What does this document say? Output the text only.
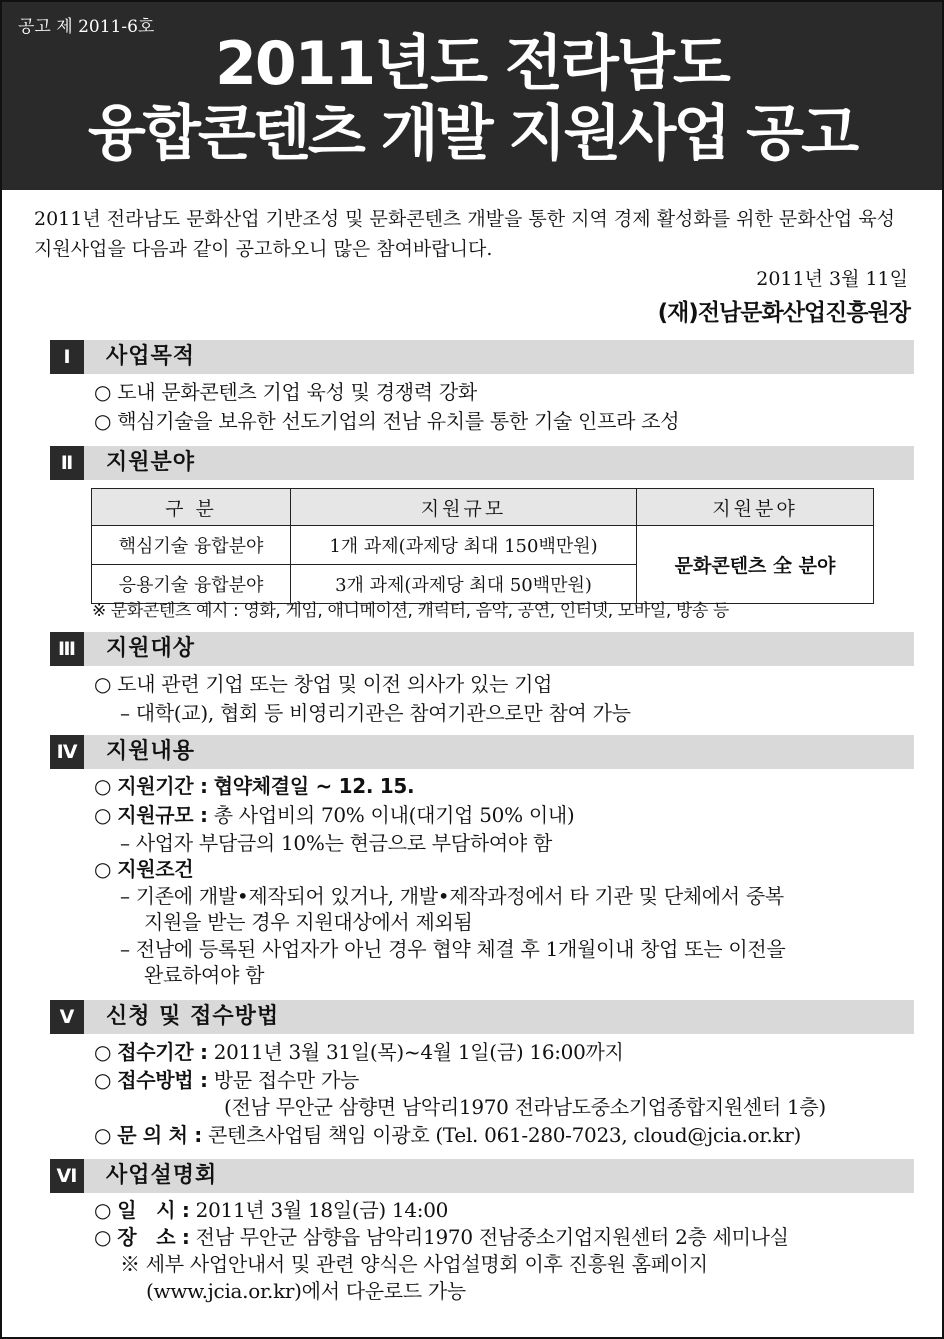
공고 제 2011-6호
2011년도 전라남도
융합콘텐츠 개발 지원사업 공고
2011년 전라남도 문화산업 기반조성 및 문화콘텐츠 개발을 통한 지역 경제 활성화를 위한 문화산업 육성 지원사업을 다음과 같이 공고하오니 많은 참여바랍니다.
2011년 3월 11일
(재)전남문화산업진흥원장
Ⅰ	사업목적
○ 도내 문화콘텐츠 기업 육성 및 경쟁력 강화
○ 핵심기술을 보유한 선도기업의 전남 유치를 통한 기술 인프라 조성
Ⅱ	지원분야
구 분	지원규모	지원분야
핵심기술 융합분야	1개 과제(과제당 최대 150백만원)	문화콘텐츠 全 분야
응용기술 융합분야	3개 과제(과제당 최대 50백만원)	
※ 문화콘텐츠 예시 : 영화, 게임, 애니메이션, 캐릭터, 음악, 공연, 인터넷, 모바일, 방송 등
Ⅲ	지원대상
○ 도내 관련 기업 또는 창업 및 이전 의사가 있는 기업
– 대학(교), 협회 등 비영리기관은 참여기관으로만 참여 가능
Ⅳ 지원내용
○ 지원기간 : 협약체결일 ~ 12. 15.
○ 지원규모 : 총 사업비의 70% 이내(대기업 50% 이내)
– 사업자 부담금의 10%는 현금으로 부담하여야 함
○ 지원조건
– 기존에 개발•제작되어 있거나, 개발•제작과정에서 타 기관 및 단체에서 중복
지원을 받는 경우 지원대상에서 제외됨
– 전남에 등록된 사업자가 아닌 경우 협약 체결 후 1개월이내 창업 또는 이전을
완료하여야 함
Ⅴ	신청 및 접수방법
○ 접수기간 : 2011년 3월 31일(목)~4월 1일(금) 16:00까지
○ 접수방법 : 방문 접수만 가능
(전남 무안군 삼향면 남악리1970 전라남도중소기업종합지원센터 1층)
○ 문 의 처 : 콘텐츠사업팀 책임 이광호 (Tel. 061-280-7023, cloud@jcia.or.kr)
Ⅵ 사업설명회
○ 일   시 : 2011년 3월 18일(금) 14:00
○ 장   소 : 전남 무안군 삼향읍 남악리1970 전남중소기업지원센터 2층 세미나실
※ 세부 사업안내서 및 관련 양식은 사업설명회 이후 진흥원 홈페이지
(www.jcia.or.kr)에서 다운로드 가능
